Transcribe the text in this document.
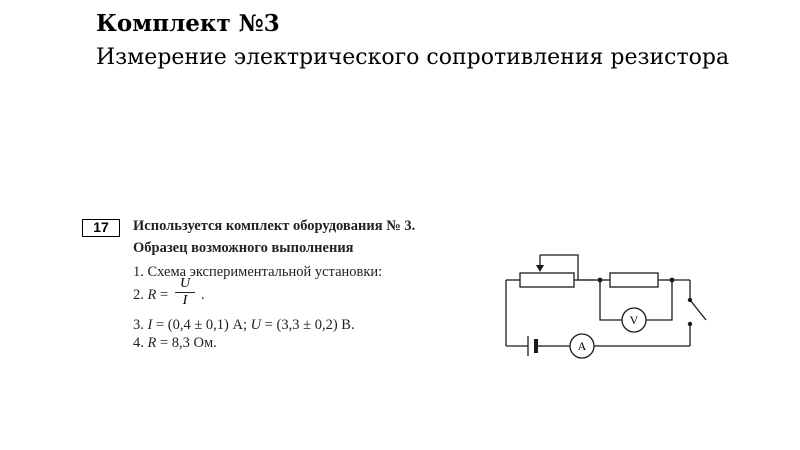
Комплект №3
Измерение электрического сопротивления резистора
17	Используется комплект оборудования № 3.
Образец возможного выполнения
1. Схема экспериментальной установки:
2. R =
U
I .
3. I = (0,4 ± 0,1) А; U = (3,3 ± 0,2) В.
4. R = 8,3 Ом.
V
A
